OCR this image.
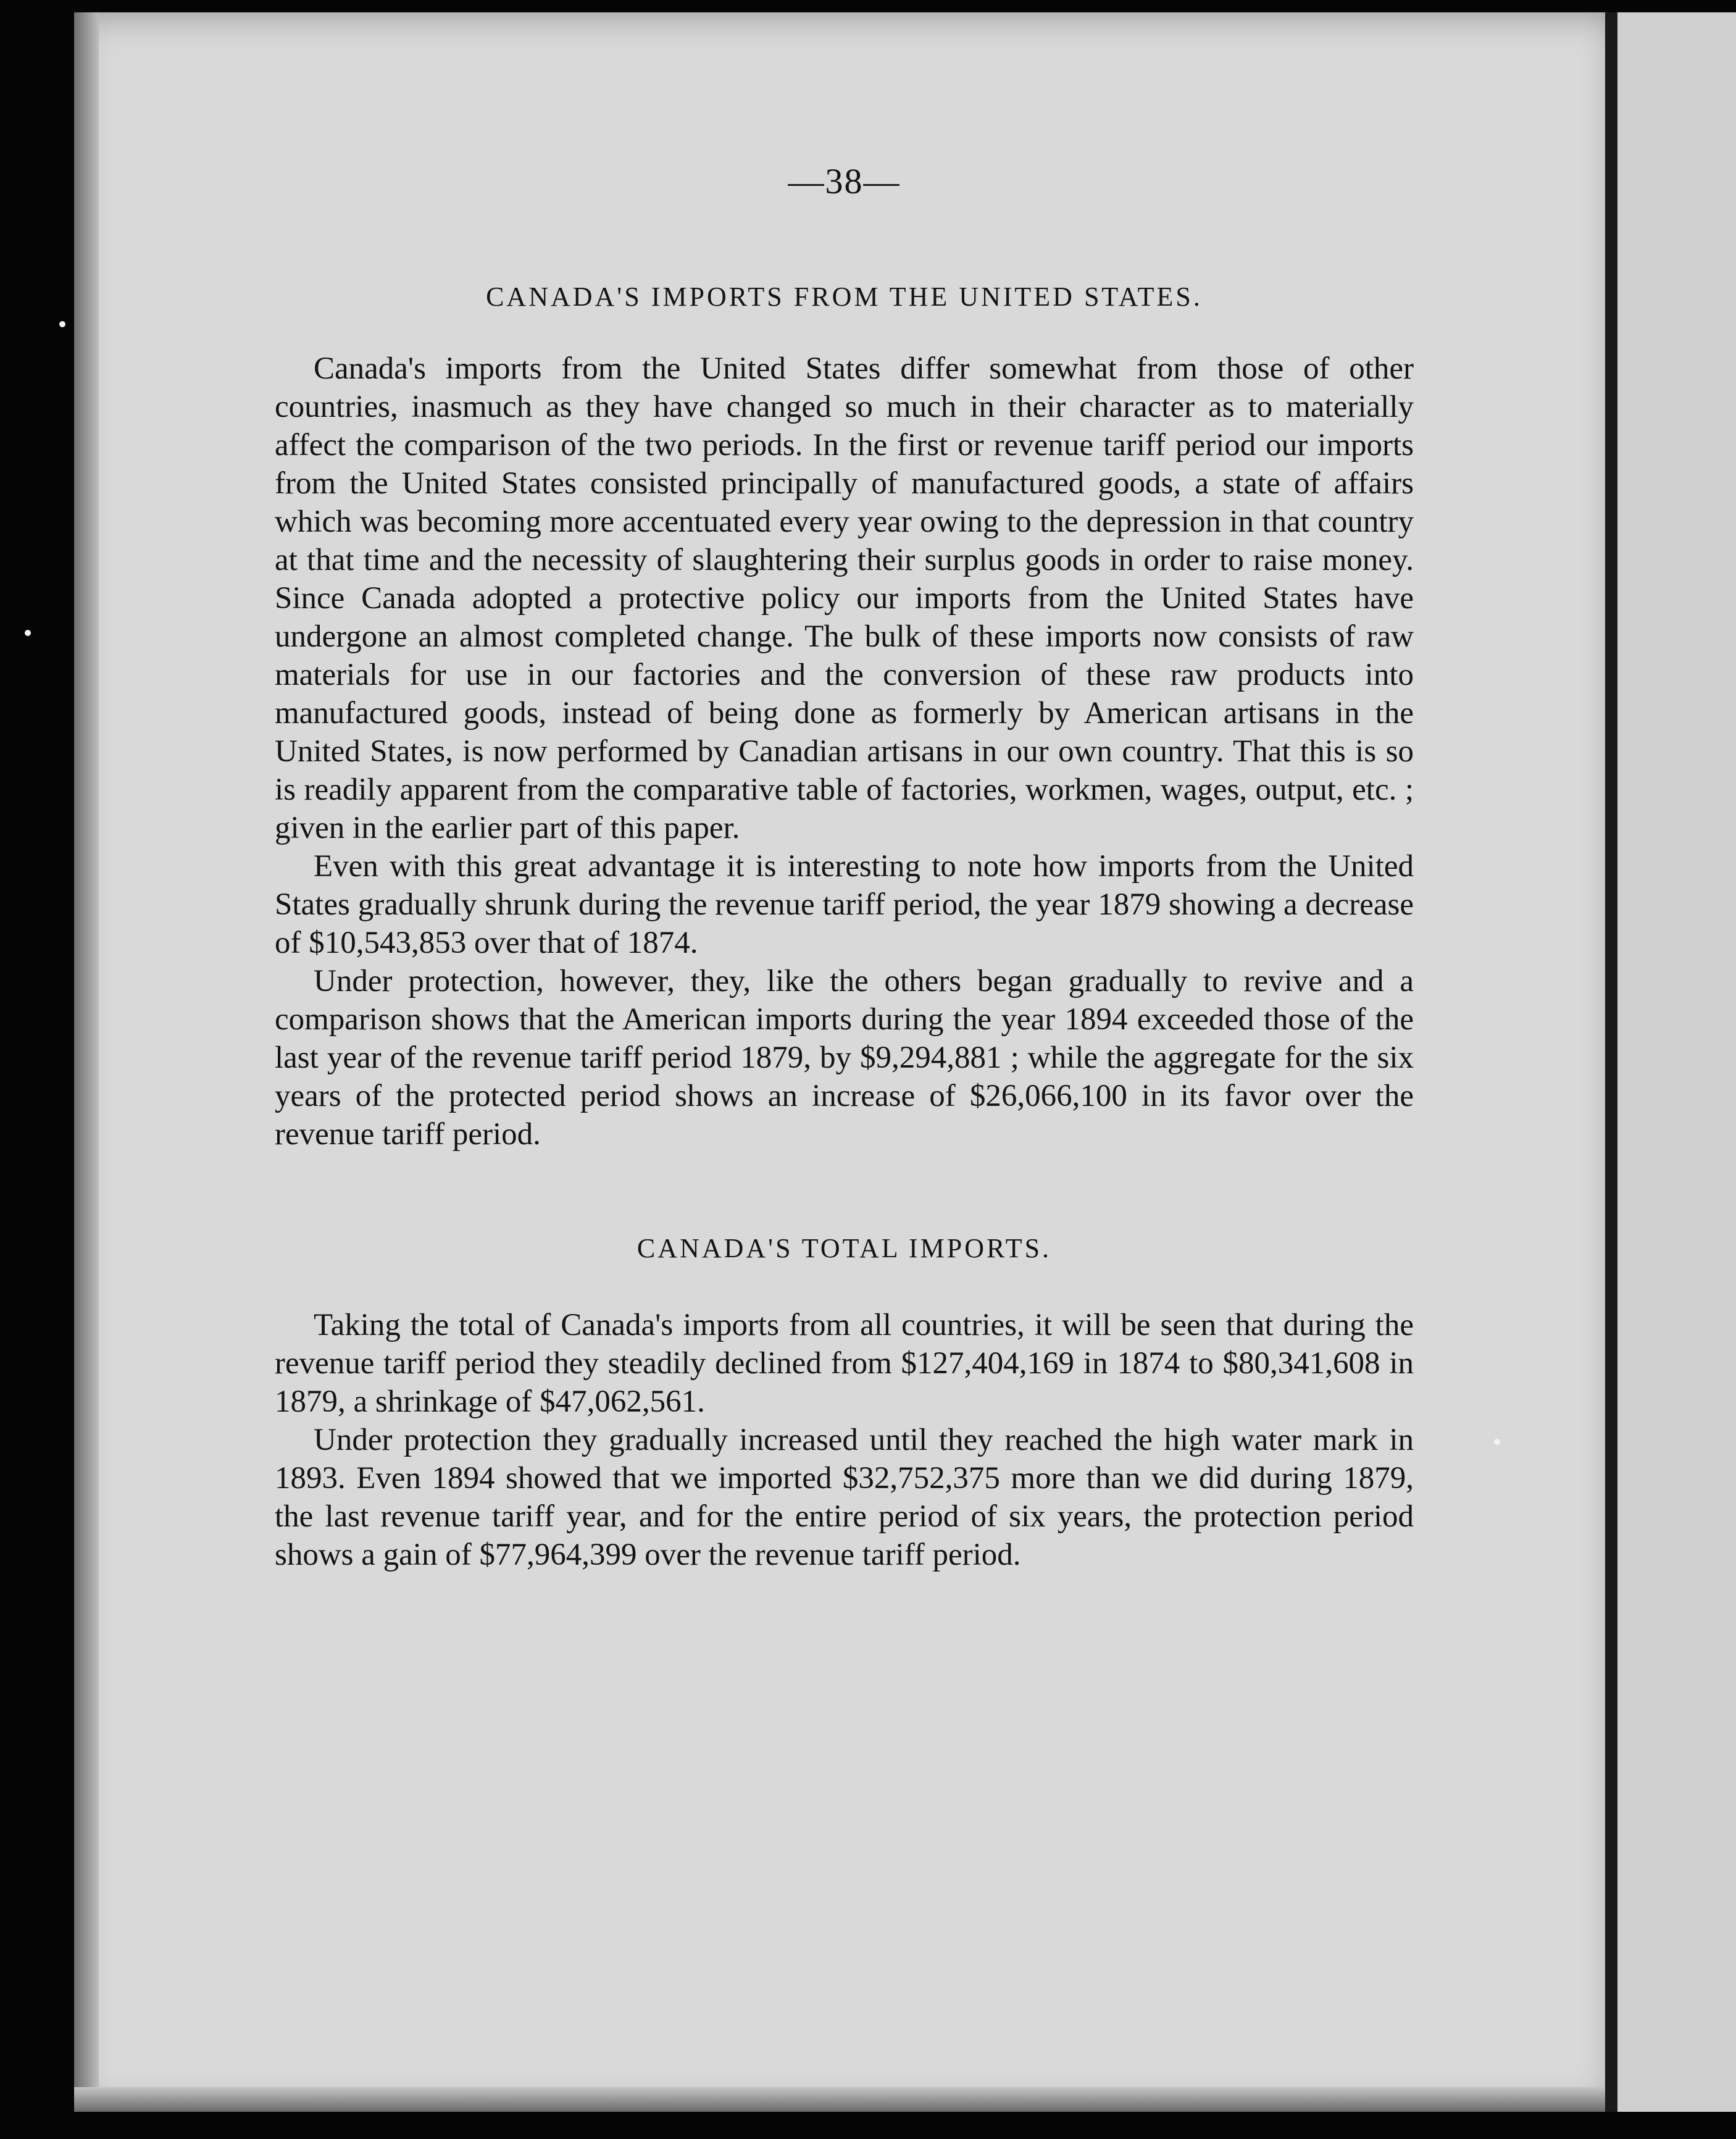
—38—
CANADA'S IMPORTS FROM THE UNITED STATES.

Canada's imports from the United States differ somewhat from those of other countries, inasmuch as they have changed so much in their character as to materially affect the comparison of the two periods. In the first or revenue tariff period our imports from the United States consisted principally of manufactured goods, a state of affairs which was becoming more accentuated every year owing to the depression in that country at that time and the necessity of slaughtering their surplus goods in order to raise money. Since Canada adopted a protective policy our imports from the United States have undergone an almost completed change. The bulk of these imports now consists of raw materials for use in our factories and the conversion of these raw products into manufactured goods, instead of being done as formerly by American artisans in the United States, is now performed by Canadian artisans in our own country. That this is so is readily apparent from the comparative table of factories, workmen, wages, output, etc. ; given in the earlier part of this paper.

Even with this great advantage it is interesting to note how imports from the United States gradually shrunk during the revenue tariff period, the year 1879 showing a decrease of $10,543,853 over that of 1874.

Under protection, however, they, like the others began gradually to revive and a comparison shows that the American imports during the year 1894 exceeded those of the last year of the revenue tariff period 1879, by $9,294,881 ; while the aggregate for the six years of the protected period shows an increase of $26,066,100 in its favor over the revenue tariff period.

CANADA'S TOTAL IMPORTS.

Taking the total of Canada's imports from all countries, it will be seen that during the revenue tariff period they steadily declined from $127,404,169 in 1874 to $80,341,608 in 1879, a shrinkage of $47,062,561.

Under protection they gradually increased until they reached the high water mark in 1893. Even 1894 showed that we imported $32,752,375 more than we did during 1879, the last revenue tariff year, and for the entire period of six years, the protection period shows a gain of $77,964,399 over the revenue tariff period.
